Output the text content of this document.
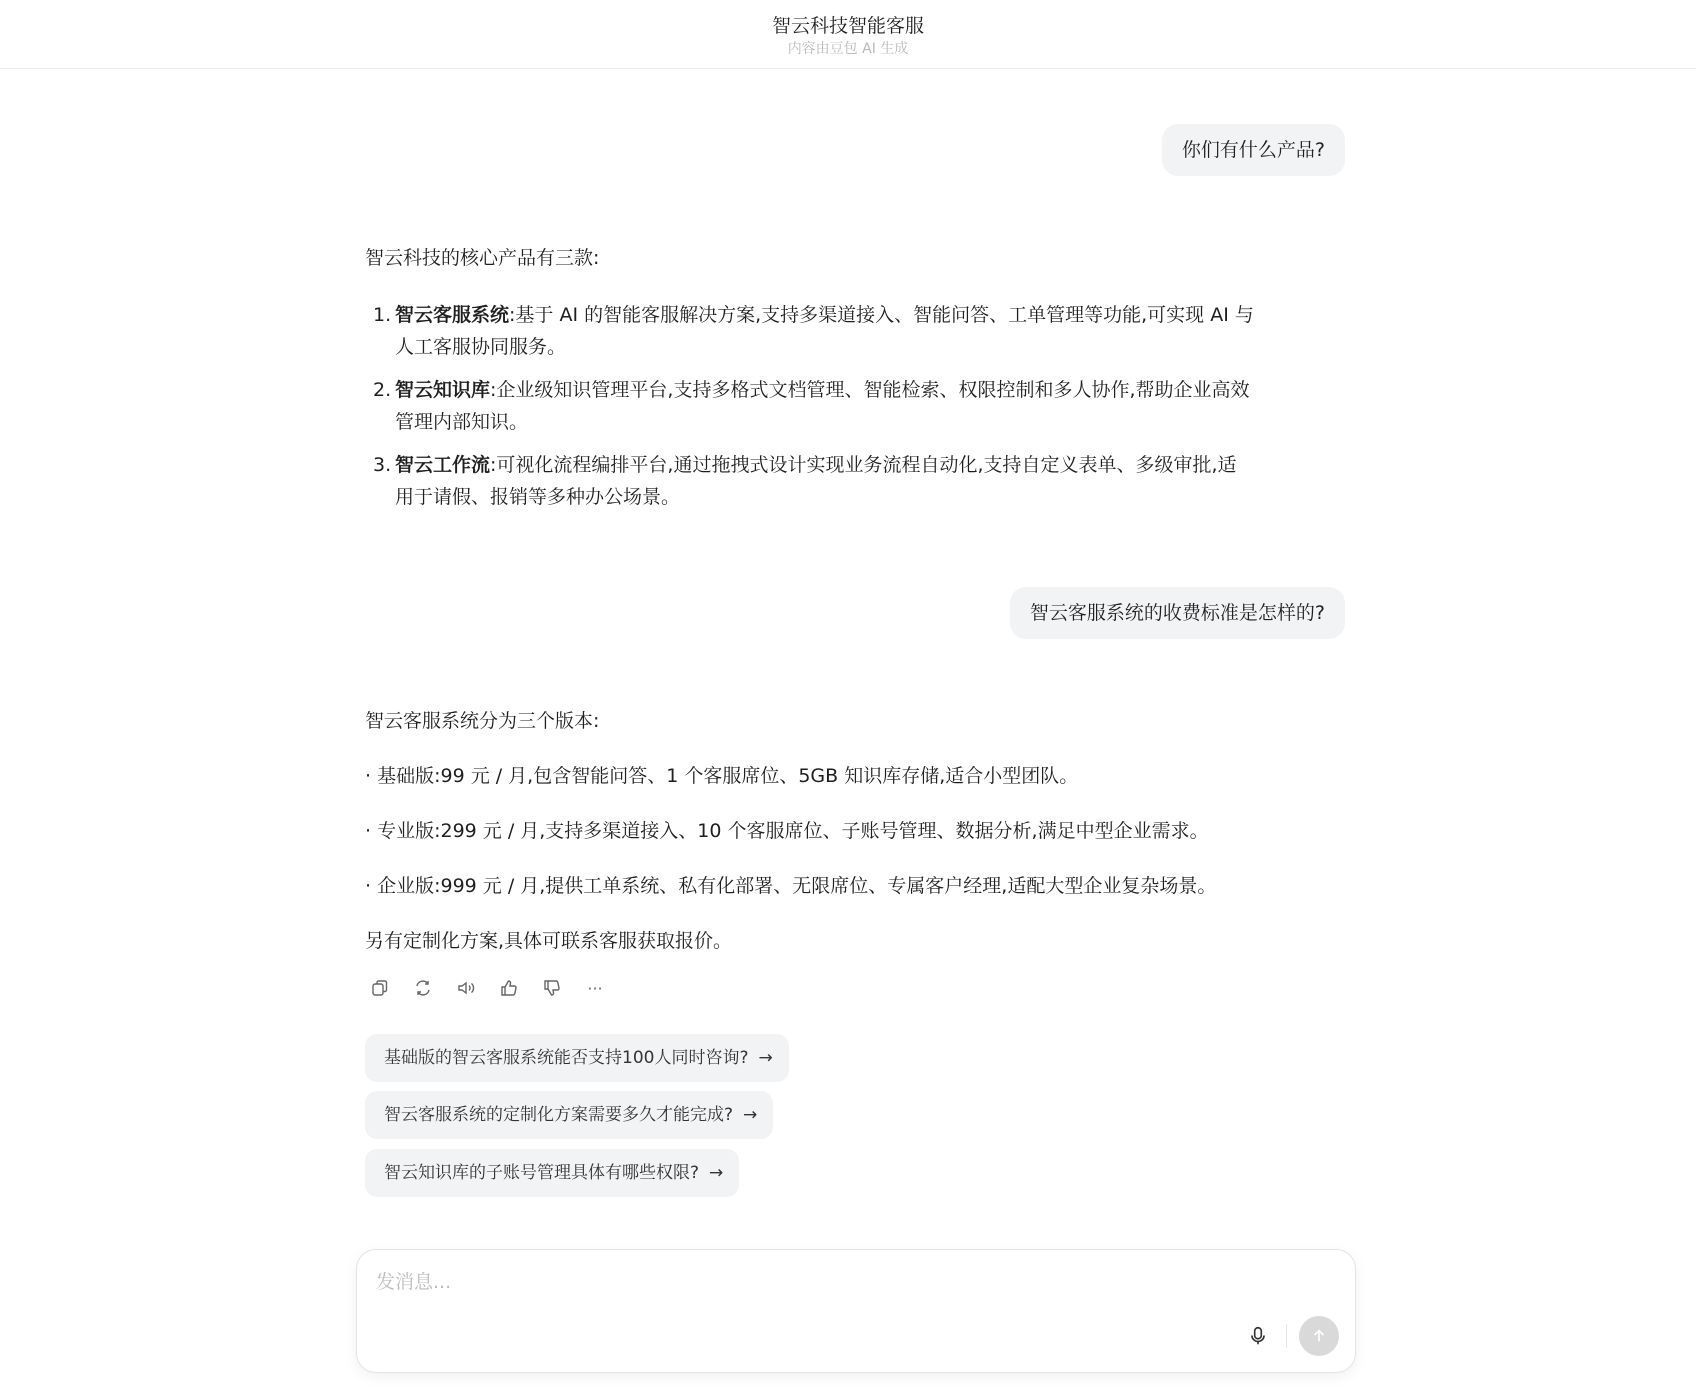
智云科技智能客服
内容由豆包 AI 生成
你们有什么产品?
智云科技的核心产品有三款:
1. 智云客服系统:基于 AI 的智能客服解决方案,支持多渠道接入、智能问答、工单管理等功能,可实现 AI 与
人工客服协同服务。
2. 智云知识库:企业级知识管理平台,支持多格式文档管理、智能检索、权限控制和多人协作,帮助企业高效
管理内部知识。
3. 智云工作流:可视化流程编排平台,通过拖拽式设计实现业务流程自动化,支持自定义表单、多级审批,适
用于请假、报销等多种办公场景。
智云客服系统的收费标准是怎样的?
智云客服系统分为三个版本:
· 基础版:99 元 / 月,包含智能问答、1 个客服席位、5GB 知识库存储,适合小型团队。
· 专业版:299 元 / 月,支持多渠道接入、10 个客服席位、子账号管理、数据分析,满足中型企业需求。
· 企业版:999 元 / 月,提供工单系统、私有化部署、无限席位、专属客户经理,适配大型企业复杂场景。
另有定制化方案,具体可联系客服获取报价。
···
基础版的智云客服系统能否支持100人同时咨询? →
智云客服系统的定制化方案需要多久才能完成? →
智云知识库的子账号管理具体有哪些权限? →
发消息...
